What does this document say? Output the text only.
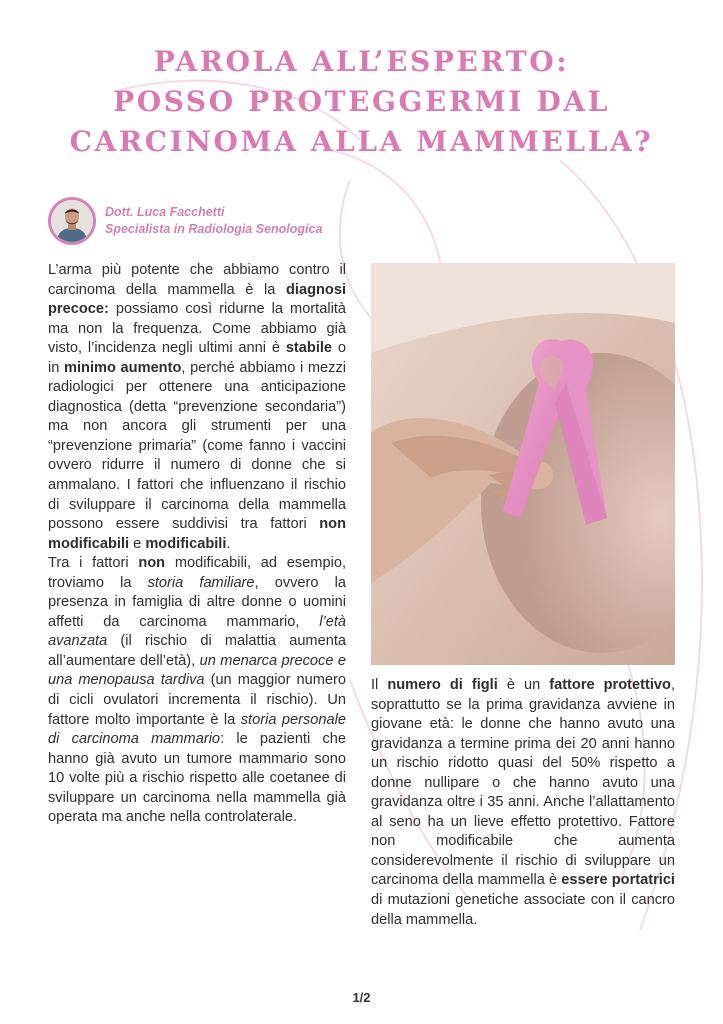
PAROLA ALL’ESPERTO:
POSSO PROTEGGERMI DAL
CARCINOMA ALLA MAMMELLA?
Dott. Luca Facchetti
Specialista in Radiologia Senologica

L’arma più potente che abbiamo contro il carcinoma della mammella è la diagnosi precoce: possiamo così ridurne la mortalità ma non la frequenza. Come abbiamo già visto, l’incidenza negli ultimi anni è stabile o in minimo aumento, perché abbiamo i mezzi radiologici per ottenere una anticipazione diagnostica (detta “prevenzione secondaria”) ma non ancora gli strumenti per una “prevenzione primaria” (come fanno i vaccini ovvero ridurre il numero di donne che si ammalano. I fattori che influenzano il rischio di sviluppare il carcinoma della mammella possono essere suddivisi tra fattori non modificabili e modificabili.
Tra i fattori non modificabili, ad esempio, troviamo la storia familiare, ovvero la presenza in famiglia di altre donne o uomini affetti da carcinoma mammario, l’età avanzata (il rischio di malattia aumenta all’aumentare dell’età), un menarca precoce e una menopausa tardiva (un maggior numero di cicli ovulatori incrementa il rischio). Un fattore molto importante è la storia personale di carcinoma mammario: le pazienti che hanno già avuto un tumore mammario sono 10 volte più a rischio rispetto alle coetanee di sviluppare un carcinoma nella mammella già operata ma anche nella controlaterale.

Il numero di figli è un fattore protettivo, soprattutto se la prima gravidanza avviene in giovane età: le donne che hanno avuto una gravidanza a termine prima dei 20 anni hanno un rischio ridotto quasi del 50% rispetto a donne nullipare o che hanno avuto una gravidanza oltre i 35 anni. Anche l’allattamento al seno ha un lieve effetto protettivo. Fattore non modificabile che aumenta considerevolmente il rischio di sviluppare un carcinoma della mammella è essere portatrici di mutazioni genetiche associate con il cancro della mammella.

1/2
